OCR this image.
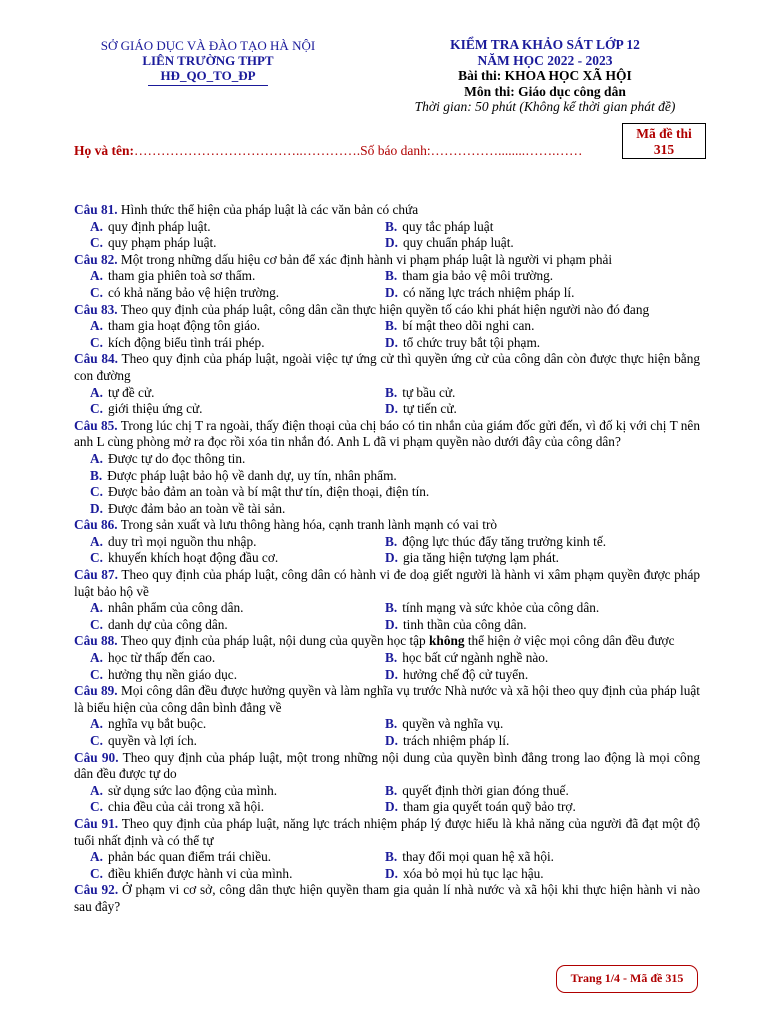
SỞ GIÁO DỤC VÀ ĐÀO TẠO HÀ NỘI
LIÊN TRƯỜNG THPT
HĐ_QO_TO_ĐP
KIỂM TRA KHẢO SÁT LỚP 12
NĂM HỌC 2022 - 2023
Bài thi: KHOA HỌC XÃ HỘI
Môn thi: Giáo dục công dân
Thời gian: 50 phút (Không kể thời gian phát đề)
Mã đề thi
315
Họ và tên:………………………………..………….Số báo danh:……………........…….……
Câu 81. Hình thức thể hiện của pháp luật là các văn bản có chứa
A. quy định pháp luật.	B. quy tắc pháp luật
C. quy phạm pháp luật.	D. quy chuẩn pháp luật.
Câu 82. Một trong những dấu hiệu cơ bản để xác định hành vi phạm pháp luật là người vi phạm phải
A. tham gia phiên toà sơ thẩm.	B. tham gia bảo vệ môi trường.
C. có khả năng bảo vệ hiện trường.	D. có năng lực trách nhiệm pháp lí.
Câu 83. Theo quy định của pháp luật, công dân cần thực hiện quyền tố cáo khi phát hiện người nào đó đang
A. tham gia hoạt động tôn giáo.	B. bí mật theo dõi nghi can.
C. kích động biểu tình trái phép.	D. tổ chức truy bắt tội phạm.
Câu 84. Theo quy định của pháp luật, ngoài việc tự ứng cử thì quyền ứng cử của công dân còn được thực hiện bằng con đường
A. tự đề cử.	B. tự bầu cử.
C. giới thiệu ứng cử.	D. tự tiến cử.
Câu 85. Trong lúc chị T ra ngoài, thấy điện thoại của chị báo có tin nhắn của giám đốc gửi đến, vì đố kị với chị T nên anh L cùng phòng mở ra đọc rồi xóa tin nhắn đó. Anh L đã vi phạm quyền nào dưới đây của công dân?
A. Được tự do đọc thông tin.
B. Được pháp luật bảo hộ về danh dự, uy tín, nhân phẩm.
C. Được bảo đảm an toàn và bí mật thư tín, điện thoại, điện tín.
D. Được đảm bảo an toàn về tài sản.
Câu 86. Trong sản xuất và lưu thông hàng hóa, cạnh tranh lành mạnh có vai trò
A. duy trì mọi nguồn thu nhập.	B. động lực thúc đẩy tăng trưởng kinh tế.
C. khuyến khích hoạt động đầu cơ.	D. gia tăng hiện tượng lạm phát.
Câu 87. Theo quy định của pháp luật, công dân có hành vi đe doạ giết người là hành vi xâm phạm quyền được pháp luật bảo hộ về
A. nhân phẩm của công dân.	B. tính mạng và sức khỏe của công dân.
C. danh dự của công dân.	D. tinh thần của công dân.
Câu 88. Theo quy định của pháp luật, nội dung của quyền học tập không thể hiện ở việc mọi công dân đều được
A. học từ thấp đến cao.	B. học bất cứ ngành nghề nào.
C. hưởng thụ nền giáo dục.	D. hưởng chế độ cử tuyển.
Câu 89. Mọi công dân đều được hưởng quyền và làm nghĩa vụ trước Nhà nước và xã hội theo quy định của pháp luật là biểu hiện của công dân bình đẳng về
A. nghĩa vụ bắt buộc.	B. quyền và nghĩa vụ.
C. quyền và lợi ích.	D. trách nhiệm pháp lí.
Câu 90. Theo quy định của pháp luật, một trong những nội dung của quyền bình đẳng trong lao động là mọi công dân đều được tự do
A. sử dụng sức lao động của mình.	B. quyết định thời gian đóng thuế.
C. chia đều của cải trong xã hội.	D. tham gia quyết toán quỹ bảo trợ.
Câu 91. Theo quy định của pháp luật, năng lực trách nhiệm pháp lý được hiểu là khả năng của người đã đạt một độ tuổi nhất định và có thể tự
A. phản bác quan điểm trái chiều.	B. thay đổi mọi quan hệ xã hội.
C. điều khiển được hành vi của mình.	D. xóa bỏ mọi hủ tục lạc hậu.
Câu 92. Ở phạm vi cơ sở, công dân thực hiện quyền tham gia quản lí nhà nước và xã hội khi thực hiện hành vi nào sau đây?
Trang 1/4 - Mã đề 315
